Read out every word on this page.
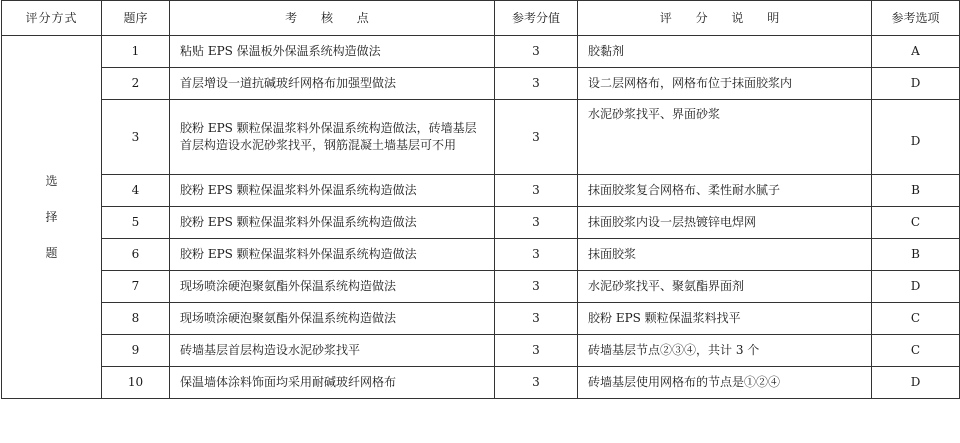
评分方式	题序	考 核 点	参考分值	评 分 说 明	参考选项

选
择
题	1	粘贴 EPS 保温板外保温系统构造做法	3	胶黏剂	A
	2	首层增设一道抗碱玻纤网格布加强型做法	3	设二层网格布，网格布位于抹面胶浆内	D
	3	胶粉 EPS 颗粒保温浆料外保温系统构造做法，砖墙基层首层构造设水泥砂浆找平，钢筋混凝土墙基层可不用	3	水泥砂浆找平、界面砂浆	D
	4	胶粉 EPS 颗粒保温浆料外保温系统构造做法	3	抹面胶浆复合网格布、柔性耐水腻子	B
	5	胶粉 EPS 颗粒保温浆料外保温系统构造做法	3	抹面胶浆内设一层热镀锌电焊网	C
	6	胶粉 EPS 颗粒保温浆料外保温系统构造做法	3	抹面胶浆	B
	7	现场喷涂硬泡聚氨酯外保温系统构造做法	3	水泥砂浆找平、聚氨酯界面剂	D
	8	现场喷涂硬泡聚氨酯外保温系统构造做法	3	胶粉 EPS 颗粒保温浆料找平	C
	9	砖墙基层首层构造设水泥砂浆找平	3	砖墙基层节点②③④，共计 3 个	C
	10	保温墙体涂料饰面均采用耐碱玻纤网格布	3	砖墙基层使用网格布的节点是①②④	D
